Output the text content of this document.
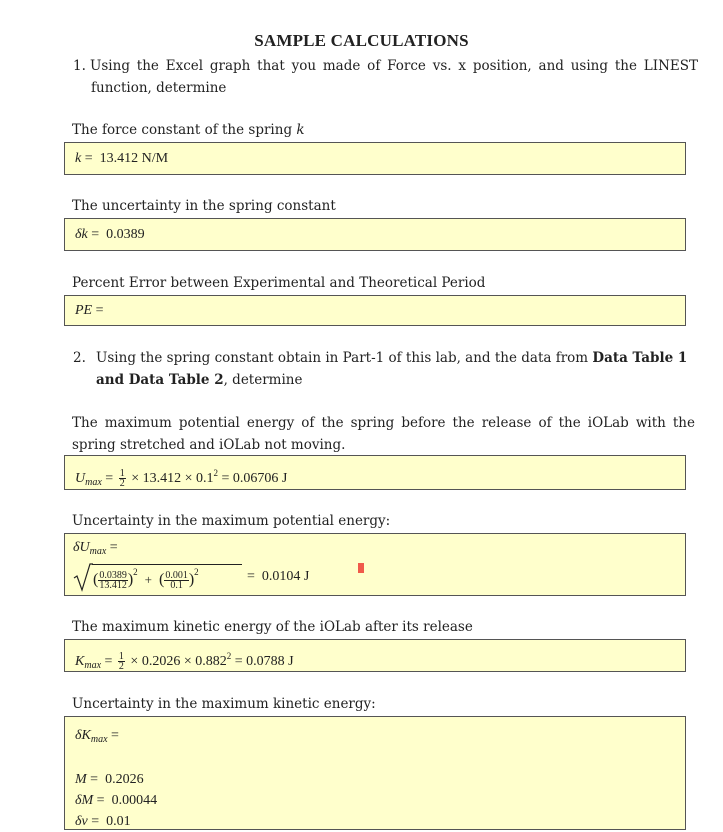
SAMPLE CALCULATIONS
1. Using the Excel graph that you made of Force vs. x position, and using the LINEST
function, determine
The force constant of the spring k
k =  13.412 N/M
The uncertainty in the spring constant
δk =  0.0389
Percent Error between Experimental and Theoretical Period
PE =
2. Using the spring constant obtain in Part-1 of this lab, and the data from Data Table 1
and Data Table 2, determine
The maximum potential energy of the spring before the release of the iOLab with the
spring stretched and iOLab not moving.
$U_{max} = \frac{1}{2} \times 13.412 \times 0.1^2 = 0.06706$ J
Uncertainty in the maximum potential energy:
$\delta U_{max}$ =
( $\frac{0.0389}{13.412} )^2$ + ( $\frac{0.001}{0.1} )^2$	=  0.0104 J
The maximum kinetic energy of the iOLab after its release
$K_{max} = \frac{1}{2} \times 0.2026 \times 0.882^2 = 0.0788$ J
Uncertainty in the maximum kinetic energy:
$\delta K_{max}$ =
M =  0.2026
δM =  0.00044
δv =  0.01
